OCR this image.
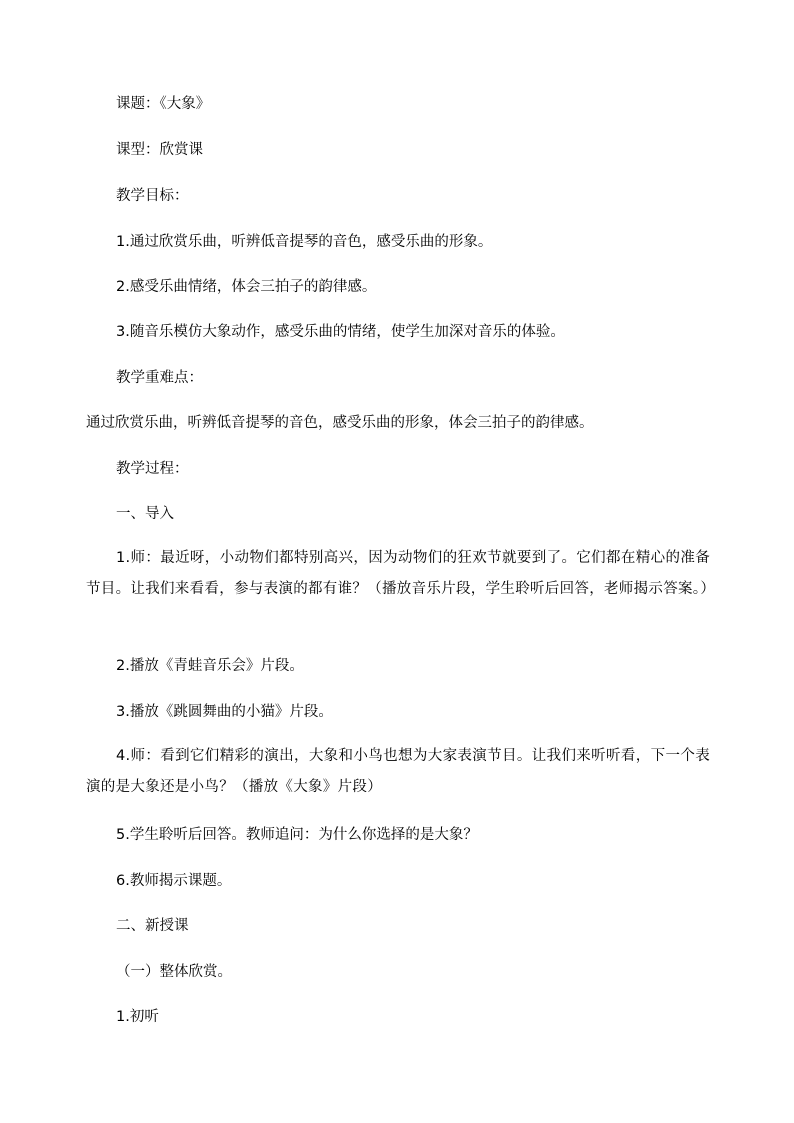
课题：《大象》
课型：欣赏课
教学目标：
1.通过欣赏乐曲，听辨低音提琴的音色，感受乐曲的形象。
2.感受乐曲情绪，体会三拍子的韵律感。
3.随音乐模仿大象动作，感受乐曲的情绪，使学生加深对音乐的体验。
教学重难点：
通过欣赏乐曲，听辨低音提琴的音色，感受乐曲的形象，体会三拍子的韵律感。
教学过程：
一、导入
1.师：最近呀，小动物们都特别高兴，因为动物们的狂欢节就要到了。它们都在精心的准备节目。让我们来看看，参与表演的都有谁？（播放音乐片段，学生聆听后回答，老师揭示答案。）
2.播放《青蛙音乐会》片段。
3.播放《跳圆舞曲的小猫》片段。
4.师：看到它们精彩的演出，大象和小鸟也想为大家表演节目。让我们来听听看，下一个表演的是大象还是小鸟？（播放《大象》片段）
5.学生聆听后回答。教师追问：为什么你选择的是大象？
6.教师揭示课题。
二、新授课
（一）整体欣赏。
1.初听
